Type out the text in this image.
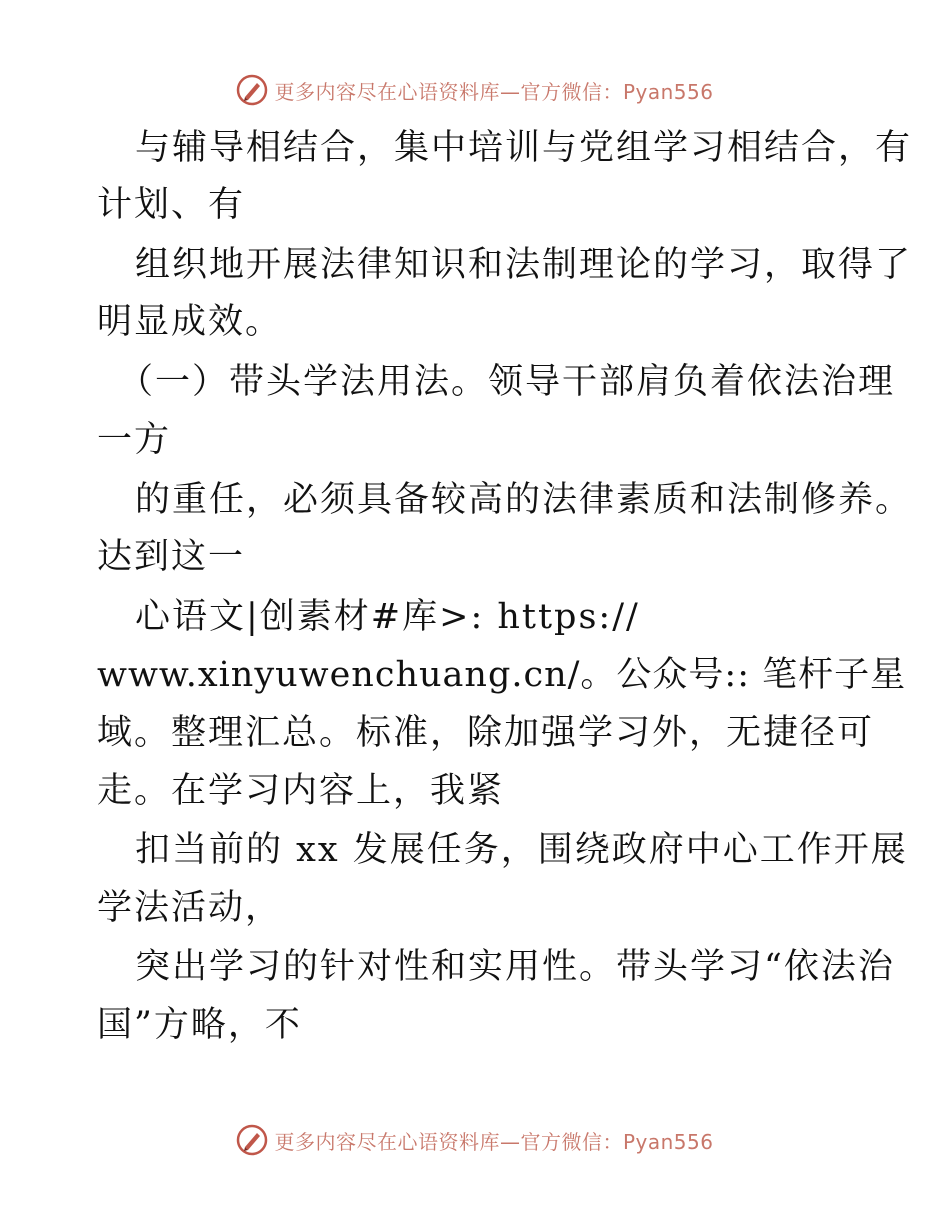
更多内容尽在心语资料库—官方微信：Pyan556
与辅导相结合，集中培训与党组学习相结合，有
计划、有
组织地开展法律知识和法制理论的学习，取得了
明显成效。
（一）带头学法用法。领导干部肩负着依法治理
一方
的重任，必须具备较高的法律素质和法制修养。
达到这一
心语文|创素材#库>: https://
www.xinyuwenchuang.cn/。公众号:: 笔杆子星
域。整理汇总。标准，除加强学习外，无捷径可
走。在学习内容上，我紧
扣当前的 xx 发展任务，围绕政府中心工作开展
学法活动，
突出学习的针对性和实用性。带头学习“依法治
国”方略，不
更多内容尽在心语资料库—官方微信：Pyan556
